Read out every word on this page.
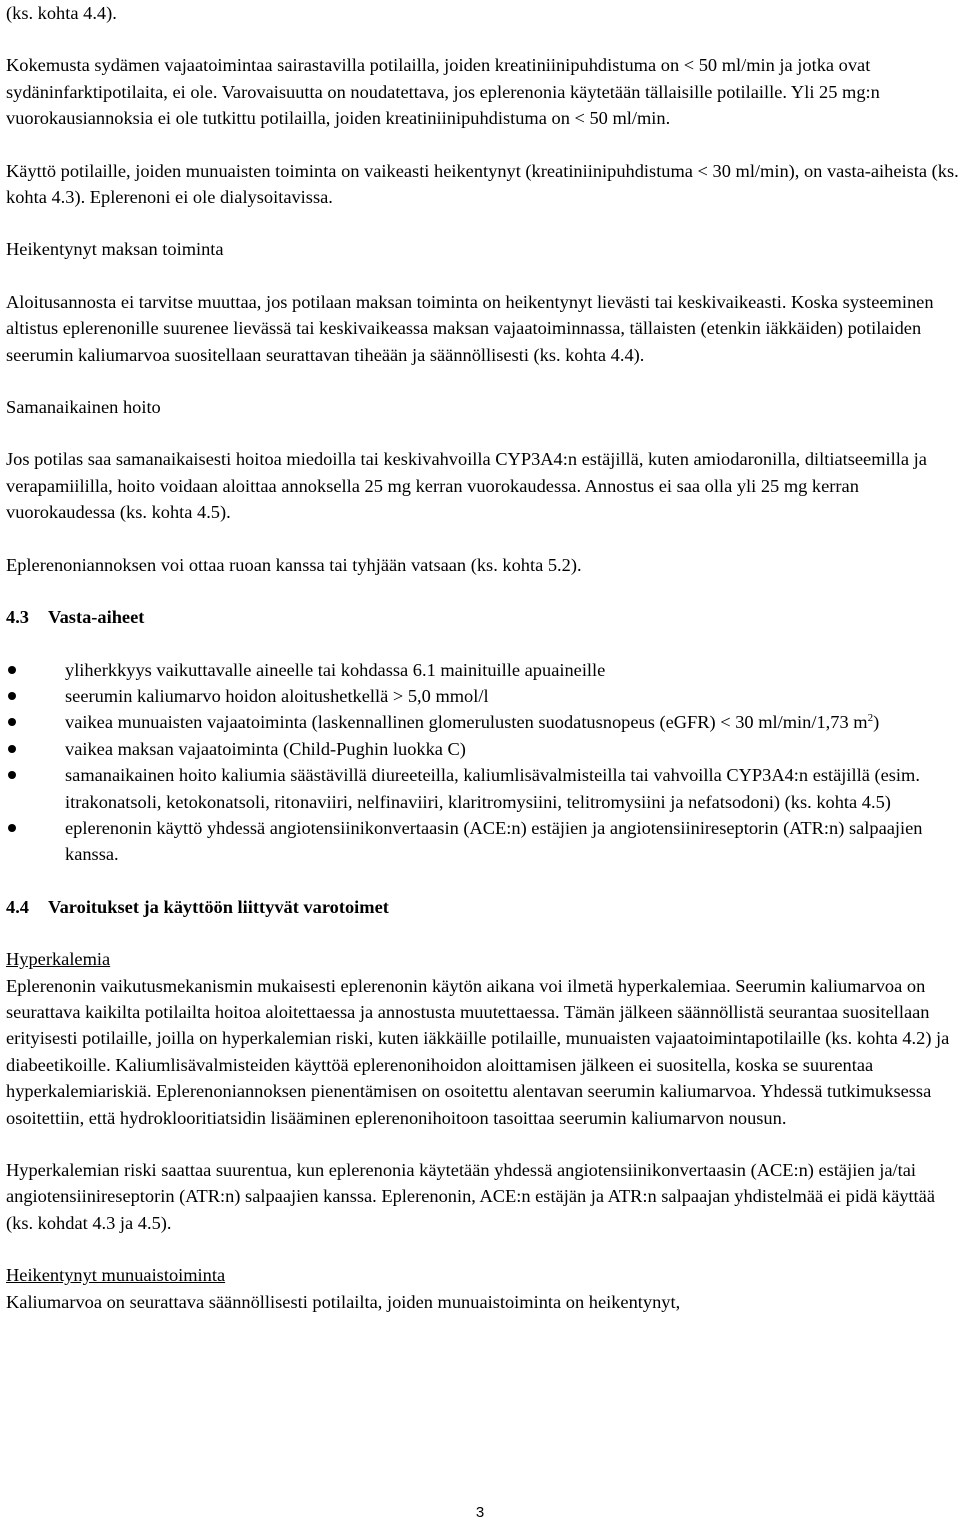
(ks. kohta 4.4).

Kokemusta sydämen vajaatoimintaa sairastavilla potilailla, joiden kreatiniinipuhdistuma on < 50 ml/min ja jotka ovat sydäninfarktipotilaita, ei ole. Varovaisuutta on noudatettava, jos eplerenonia käytetään tällaisille potilaille. Yli 25 mg:n vuorokausiannoksia ei ole tutkittu potilailla, joiden kreatiniinipuhdistuma on < 50 ml/min.

Käyttö potilaille, joiden munuaisten toiminta on vaikeasti heikentynyt (kreatiniinipuhdistuma < 30 ml/min), on vasta-aiheista (ks. kohta 4.3). Eplerenoni ei ole dialysoitavissa.

Heikentynyt maksan toiminta

Aloitusannosta ei tarvitse muuttaa, jos potilaan maksan toiminta on heikentynyt lievästi tai keskivaikeasti. Koska systeeminen altistus eplerenonille suurenee lievässä tai keskivaikeassa maksan vajaatoiminnassa, tällaisten (etenkin iäkkäiden) potilaiden seerumin kaliumarvoa suositellaan seurattavan tiheään ja säännöllisesti (ks. kohta 4.4).

Samanaikainen hoito

Jos potilas saa samanaikaisesti hoitoa miedoilla tai keskivahvoilla CYP3A4:n estäjillä, kuten amiodaronilla, diltiatseemilla ja verapamiililla, hoito voidaan aloittaa annoksella 25 mg kerran vuorokaudessa. Annostus ei saa olla yli 25 mg kerran vuorokaudessa (ks. kohta 4.5).

Eplerenoniannoksen voi ottaa ruoan kanssa tai tyhjään vatsaan (ks. kohta 5.2).

4.3 Vasta-aiheet

yliherkkyys vaikuttavalle aineelle tai kohdassa 6.1 mainituille apuaineille
seerumin kaliumarvo hoidon aloitushetkellä > 5,0 mmol/l
vaikea munuaisten vajaatoiminta (laskennallinen glomerulusten suodatusnopeus (eGFR) < 30 ml/min/1,73 $m^2$)
vaikea maksan vajaatoiminta (Child-Pughin luokka C)
samanaikainen hoito kaliumia säästävillä diureeteilla, kaliumlisävalmisteilla tai vahvoilla CYP3A4:n estäjillä (esim. itrakonatsoli, ketokonatsoli, ritonaviiri, nelfinaviiri, klaritromysiini, telitromysiini ja nefatsodoni) (ks. kohta 4.5)
eplerenonin käyttö yhdessä angiotensiinikonvertaasin (ACE:n) estäjien ja angiotensiinireseptorin (ATR:n) salpaajien kanssa.

4.4 Varoitukset ja käyttöön liittyvät varotoimet

Hyperkalemia

Eplerenonin vaikutusmekanismin mukaisesti eplerenonin käytön aikana voi ilmetä hyperkalemiaa. Seerumin kaliumarvoa on seurattava kaikilta potilailta hoitoa aloitettaessa ja annostusta muutettaessa. Tämän jälkeen säännöllistä seurantaa suositellaan erityisesti potilaille, joilla on hyperkalemian riski, kuten iäkkäille potilaille, munuaisten vajaatoimintapotilaille (ks. kohta 4.2) ja diabeetikoille. Kaliumlisävalmisteiden käyttöä eplerenonihoidon aloittamisen jälkeen ei suositella, koska se suurentaa hyperkalemiariskiä. Eplerenoniannoksen pienentämisen on osoitettu alentavan seerumin kaliumarvoa. Yhdessä tutkimuksessa osoitettiin, että hydroklooritiatsidin lisääminen eplerenonihoitoon tasoittaa seerumin kaliumarvon nousun.

Hyperkalemian riski saattaa suurentua, kun eplerenonia käytetään yhdessä angiotensiinikonvertaasin (ACE:n) estäjien ja/tai angiotensiinireseptorin (ATR:n) salpaajien kanssa. Eplerenonin, ACE:n estäjän ja ATR:n salpaajan yhdistelmää ei pidä käyttää (ks. kohdat 4.3 ja 4.5).

Heikentynyt munuaistoiminta

Kaliumarvoa on seurattava säännöllisesti potilailta, joiden munuaistoiminta on heikentynyt,

3
